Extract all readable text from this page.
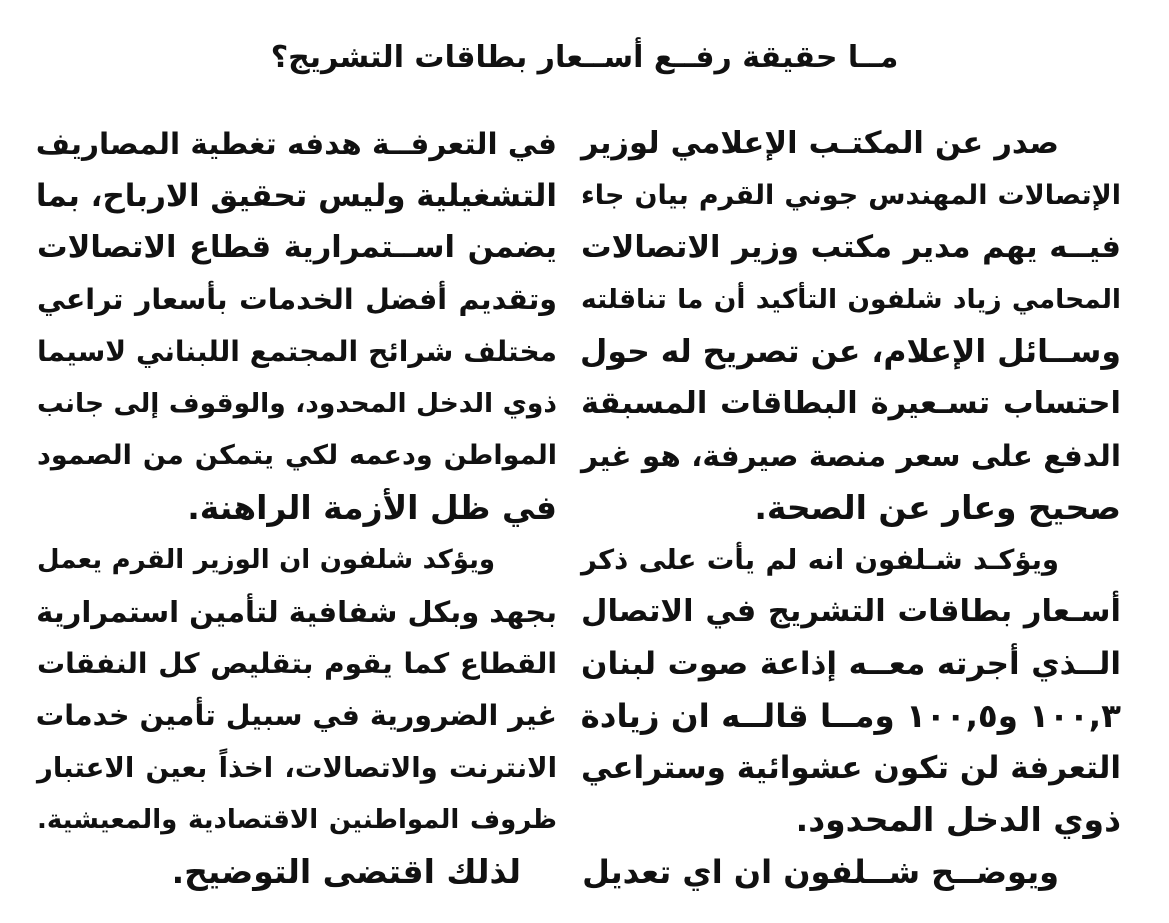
مــا حقيقة رفــع أســعار بطاقات التشريج؟
صدر عن المكتـب الإعلامي لوزير
الإتصالات المهندس جوني القرم بيان جاء
فيــه يهم مدير مكتب وزير الاتصالات
المحامي زياد شلفون التأكيد أن ما تناقلته
وســائل الإعلام، عن تصريح له حول
احتساب تسـعيرة البطاقات المسبقة
الدفع على سعر منصة صيرفة، هو غير
صحيح وعار عن الصحة.
ويؤكـد شـلفون انه لم يأت على ذكر
أسـعار بطاقات التشريج في الاتصال
الــذي أجرته معــه إذاعة صوت لبنان
١٠٠,٣ و١٠٠,٥ ومــا قالــه ان زيادة
التعرفة لن تكون عشوائية وستراعي
ذوي الدخل المحدود.
ويوضــح شــلفون ان اي تعديل
في التعرفــة هدفه تغطية المصاريف
التشغيلية وليس تحقيق الارباح، بما
يضمن اســتمرارية قطاع الاتصالات
وتقديم أفضل الخدمات بأسعار تراعي
مختلف شرائح المجتمع اللبناني لاسيما
ذوي الدخل المحدود، والوقوف إلى جانب
المواطن ودعمه لكي يتمكن من الصمود
في ظل الأزمة الراهنة.
ويؤكد شلفون ان الوزير القرم يعمل
بجهد وبكل شفافية لتأمين استمرارية
القطاع كما يقوم بتقليص كل النفقات
غير الضرورية في سبيل تأمين خدمات
الانترنت والاتصالات، اخذاً بعين الاعتبار
ظروف المواطنين الاقتصادية والمعيشية.
لذلك اقتضى التوضيح.
